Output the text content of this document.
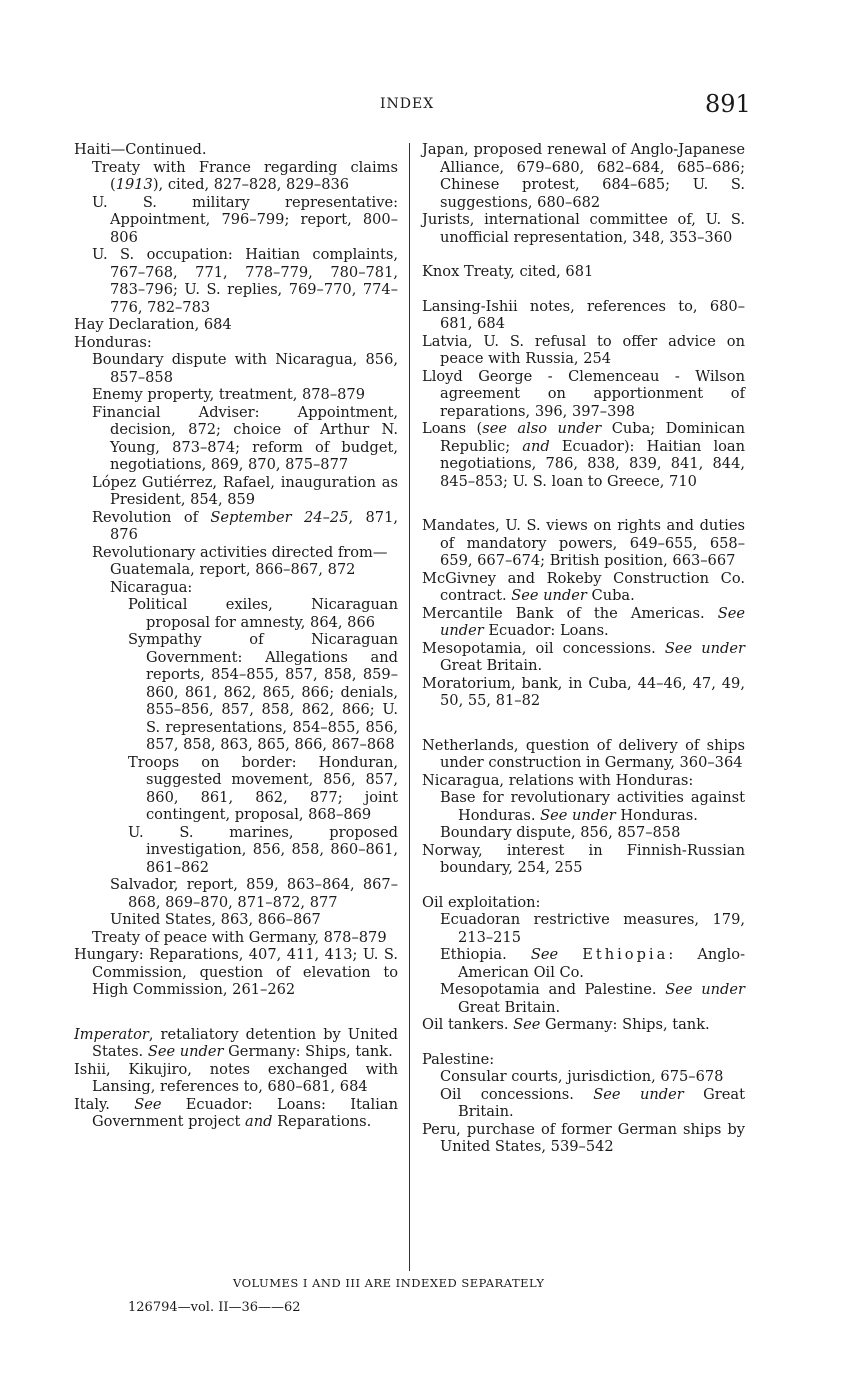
INDEX	891
Haiti—Continued.
Treaty with France regarding claims (1913), cited, 827–828, 829–836
U. S. military representative: Appointment, 796–799; report, 800–806
U. S. occupation: Haitian complaints, 767–768, 771, 778–779, 780–781, 783–796; U. S. replies, 769–770, 774–776, 782–783
Hay Declaration, 684
Honduras:
Boundary dispute with Nicaragua, 856, 857–858
Enemy property, treatment, 878–879
Financial Adviser: Appointment, decision, 872; choice of Arthur N. Young, 873–874; reform of budget, negotiations, 869, 870, 875–877
López Gutiérrez, Rafael, inauguration as President, 854, 859
Revolution of September 24–25, 871, 876
Revolutionary activities directed from—
Guatemala, report, 866–867, 872
Nicaragua:
Political exiles, Nicaraguan proposal for amnesty, 864, 866
Sympathy of Nicaraguan Government: Allegations and reports, 854–855, 857, 858, 859–860, 861, 862, 865, 866; denials, 855–856, 857, 858, 862, 866; U. S. representations, 854–855, 856, 857, 858, 863, 865, 866, 867–868
Troops on border: Honduran, suggested movement, 856, 857, 860, 861, 862, 877; joint contingent, proposal, 868–869
U. S. marines, proposed investigation, 856, 858, 860–861, 861–862
Salvador, report, 859, 863–864, 867–868, 869–870, 871–872, 877
United States, 863, 866–867
Treaty of peace with Germany, 878–879
Hungary: Reparations, 407, 411, 413; U. S. Commission, question of elevation to High Commission, 261–262
Imperator, retaliatory detention by United States. See under Germany: Ships, tank.
Ishii, Kikujiro, notes exchanged with Lansing, references to, 680–681, 684
Italy. See Ecuador: Loans: Italian Government project and Reparations.
Japan, proposed renewal of Anglo-Japanese Alliance, 679–680, 682–684, 685–686; Chinese protest, 684–685; U. S. suggestions, 680–682
Jurists, international committee of, U. S. unofficial representation, 348, 353–360
Knox Treaty, cited, 681
Lansing-Ishii notes, references to, 680–681, 684
Latvia, U. S. refusal to offer advice on peace with Russia, 254
Lloyd George - Clemenceau - Wilson agreement on apportionment of reparations, 396, 397–398
Loans (see also under Cuba; Dominican Republic; and Ecuador): Haitian loan negotiations, 786, 838, 839, 841, 844, 845–853; U. S. loan to Greece, 710
Mandates, U. S. views on rights and duties of mandatory powers, 649–655, 658–659, 667–674; British position, 663–667
McGivney and Rokeby Construction Co. contract. See under Cuba.
Mercantile Bank of the Americas. See under Ecuador: Loans.
Mesopotamia, oil concessions. See under Great Britain.
Moratorium, bank, in Cuba, 44–46, 47, 49, 50, 55, 81–82
Netherlands, question of delivery of ships under construction in Germany, 360–364
Nicaragua, relations with Honduras:
Base for revolutionary activities against Honduras. See under Honduras.
Boundary dispute, 856, 857–858
Norway, interest in Finnish-Russian boundary, 254, 255
Oil exploitation:
Ecuadoran restrictive measures, 179, 213–215
Ethiopia. See Ethiopia: Anglo-American Oil Co.
Mesopotamia and Palestine. See under Great Britain.
Oil tankers. See Germany: Ships, tank.
Palestine:
Consular courts, jurisdiction, 675–678
Oil concessions. See under Great Britain.
Peru, purchase of former German ships by United States, 539–542
VOLUMES I AND III ARE INDEXED SEPARATELY
126794—vol. II—36——62
